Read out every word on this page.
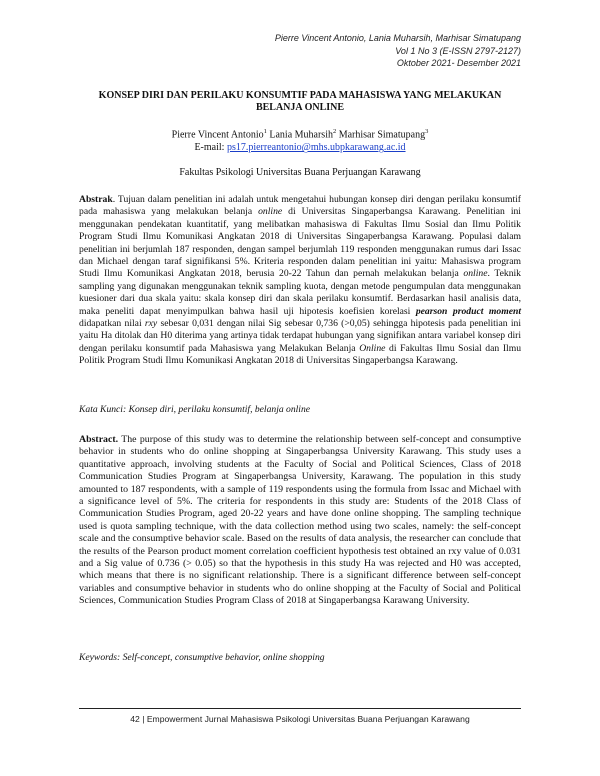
Pierre Vincent Antonio, Lania Muharsih, Marhisar Simatupang
Vol 1 No 3 (E-ISSN 2797-2127)
Oktober 2021- Desember 2021
KONSEP DIRI DAN PERILAKU KONSUMTIF PADA MAHASISWA YANG MELAKUKAN BELANJA ONLINE
Pierre Vincent Antonio$^1$ Lania Muharsih$^2$ Marhisar Simatupang$^3$
E-mail: ps17.pierreantonio@mhs.ubpkarawang.ac.id
Fakultas Psikologi Universitas Buana Perjuangan Karawang
Abstrak. Tujuan dalam penelitian ini adalah untuk mengetahui hubungan konsep diri dengan perilaku konsumtif pada mahasiswa yang melakukan belanja online di Universitas Singaperbangsa Karawang. Penelitian ini menggunakan pendekatan kuantitatif, yang melibatkan mahasiswa di Fakultas Ilmu Sosial dan Ilmu Politik Program Studi Ilmu Komunikasi Angkatan 2018 di Universitas Singaperbangsa Karawang. Populasi dalam penelitian ini berjumlah 187 responden, dengan sampel berjumlah 119 responden menggunakan rumus dari Issac dan Michael dengan taraf signifikansi 5%. Kriteria responden dalam penelitian ini yaitu: Mahasiswa program Studi Ilmu Komunikasi Angkatan 2018, berusia 20-22 Tahun dan pernah melakukan belanja online. Teknik sampling yang digunakan menggunakan teknik sampling kuota, dengan metode pengumpulan data menggunakan kuesioner dari dua skala yaitu: skala konsep diri dan skala perilaku konsumtif. Berdasarkan hasil analisis data, maka peneliti dapat menyimpulkan bahwa hasil uji hipotesis koefisien korelasi pearson product moment didapatkan nilai rxy sebesar 0,031 dengan nilai Sig sebesar 0,736 (>0,05) sehingga hipotesis pada penelitian ini yaitu Ha ditolak dan H0 diterima yang artinya tidak terdapat hubungan yang signifikan antara variabel konsep diri dengan perilaku konsumtif pada Mahasiswa yang Melakukan Belanja Online di Fakultas Ilmu Sosial dan Ilmu Politik Program Studi Ilmu Komunikasi Angkatan 2018 di Universitas Singaperbangsa Karawang.
Kata Kunci: Konsep diri, perilaku konsumtif, belanja online
Abstract. The purpose of this study was to determine the relationship between self-concept and consumptive behavior in students who do online shopping at Singaperbangsa University Karawang. This study uses a quantitative approach, involving students at the Faculty of Social and Political Sciences, Class of 2018 Communication Studies Program at Singaperbangsa University, Karawang. The population in this study amounted to 187 respondents, with a sample of 119 respondents using the formula from Issac and Michael with a significance level of 5%. The criteria for respondents in this study are: Students of the 2018 Class of Communication Studies Program, aged 20-22 years and have done online shopping. The sampling technique used is quota sampling technique, with the data collection method using two scales, namely: the self-concept scale and the consumptive behavior scale. Based on the results of data analysis, the researcher can conclude that the results of the Pearson product moment correlation coefficient hypothesis test obtained an rxy value of 0.031 and a Sig value of 0.736 (> 0.05) so that the hypothesis in this study Ha was rejected and H0 was accepted, which means that there is no significant relationship. There is a significant difference between self-concept variables and consumptive behavior in students who do online shopping at the Faculty of Social and Political Sciences, Communication Studies Program Class of 2018 at Singaperbangsa Karawang University.
Keywords: Self-concept, consumptive behavior, online shopping
42 | Empowerment Jurnal Mahasiswa Psikologi Universitas Buana Perjuangan Karawang
